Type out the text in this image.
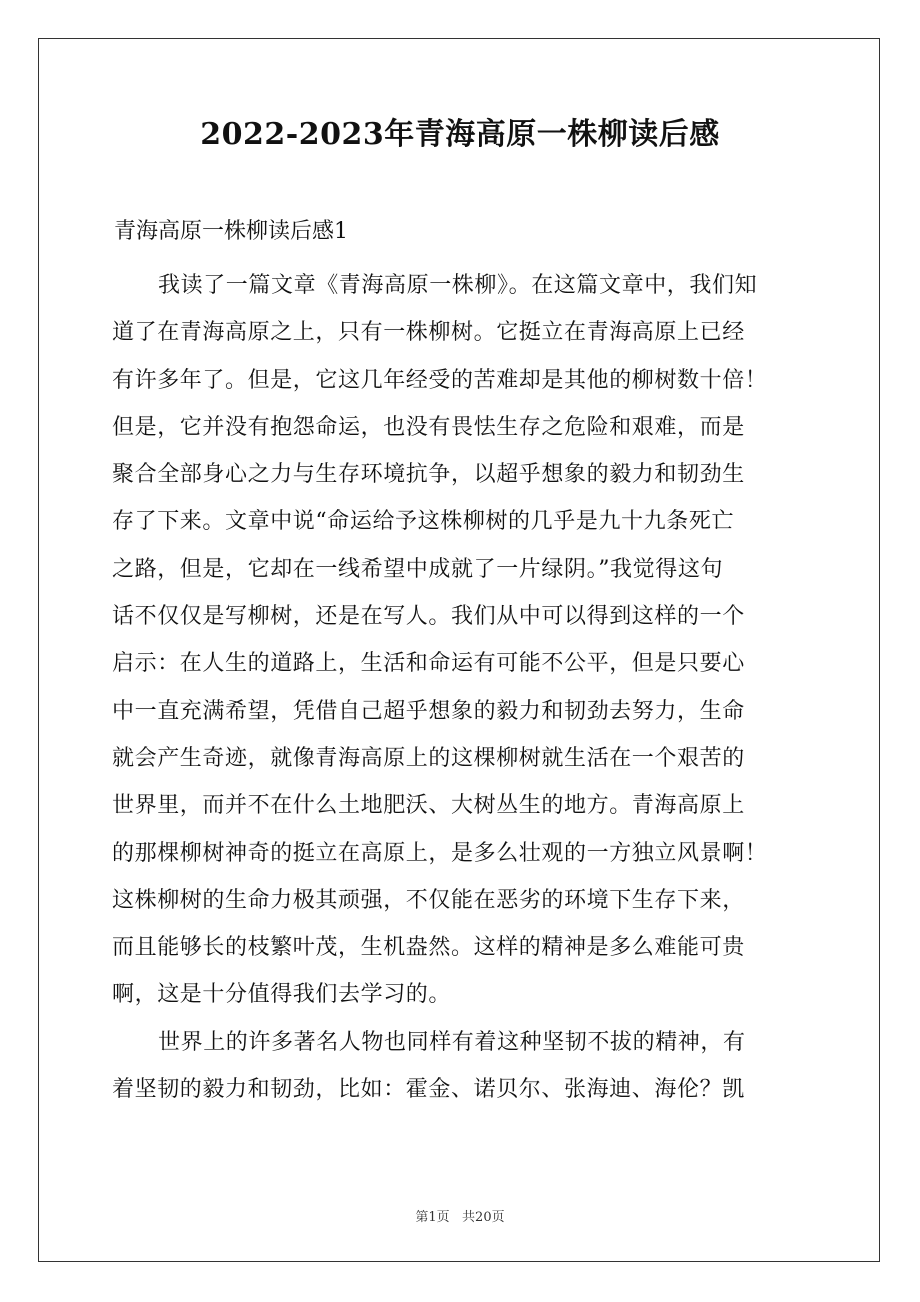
2022-2023年青海高原一株柳读后感

青海高原一株柳读后感1

我读了一篇文章《青海高原一株柳》。在这篇文章中，我们知
道了在青海高原之上，只有一株柳树。它挺立在青海高原上已经
有许多年了。但是，它这几年经受的苦难却是其他的柳树数十倍！
但是，它并没有抱怨命运，也没有畏怯生存之危险和艰难，而是
聚合全部身心之力与生存环境抗争，以超乎想象的毅力和韧劲生
存了下来。文章中说“命运给予这株柳树的几乎是九十九条死亡
之路，但是，它却在一线希望中成就了一片绿阴。”我觉得这句
话不仅仅是写柳树，还是在写人。我们从中可以得到这样的一个
启示：在人生的道路上，生活和命运有可能不公平，但是只要心
中一直充满希望，凭借自己超乎想象的毅力和韧劲去努力，生命
就会产生奇迹，就像青海高原上的这棵柳树就生活在一个艰苦的
世界里，而并不在什么土地肥沃、大树丛生的地方。青海高原上
的那棵柳树神奇的挺立在高原上，是多么壮观的一方独立风景啊！
这株柳树的生命力极其顽强，不仅能在恶劣的环境下生存下来，
而且能够长的枝繁叶茂，生机盎然。这样的精神是多么难能可贵
啊，这是十分值得我们去学习的。
世界上的许多著名人物也同样有着这种坚韧不拔的精神，有
着坚韧的毅力和韧劲，比如：霍金、诺贝尔、张海迪、海伦？凯
第1页   共20页
